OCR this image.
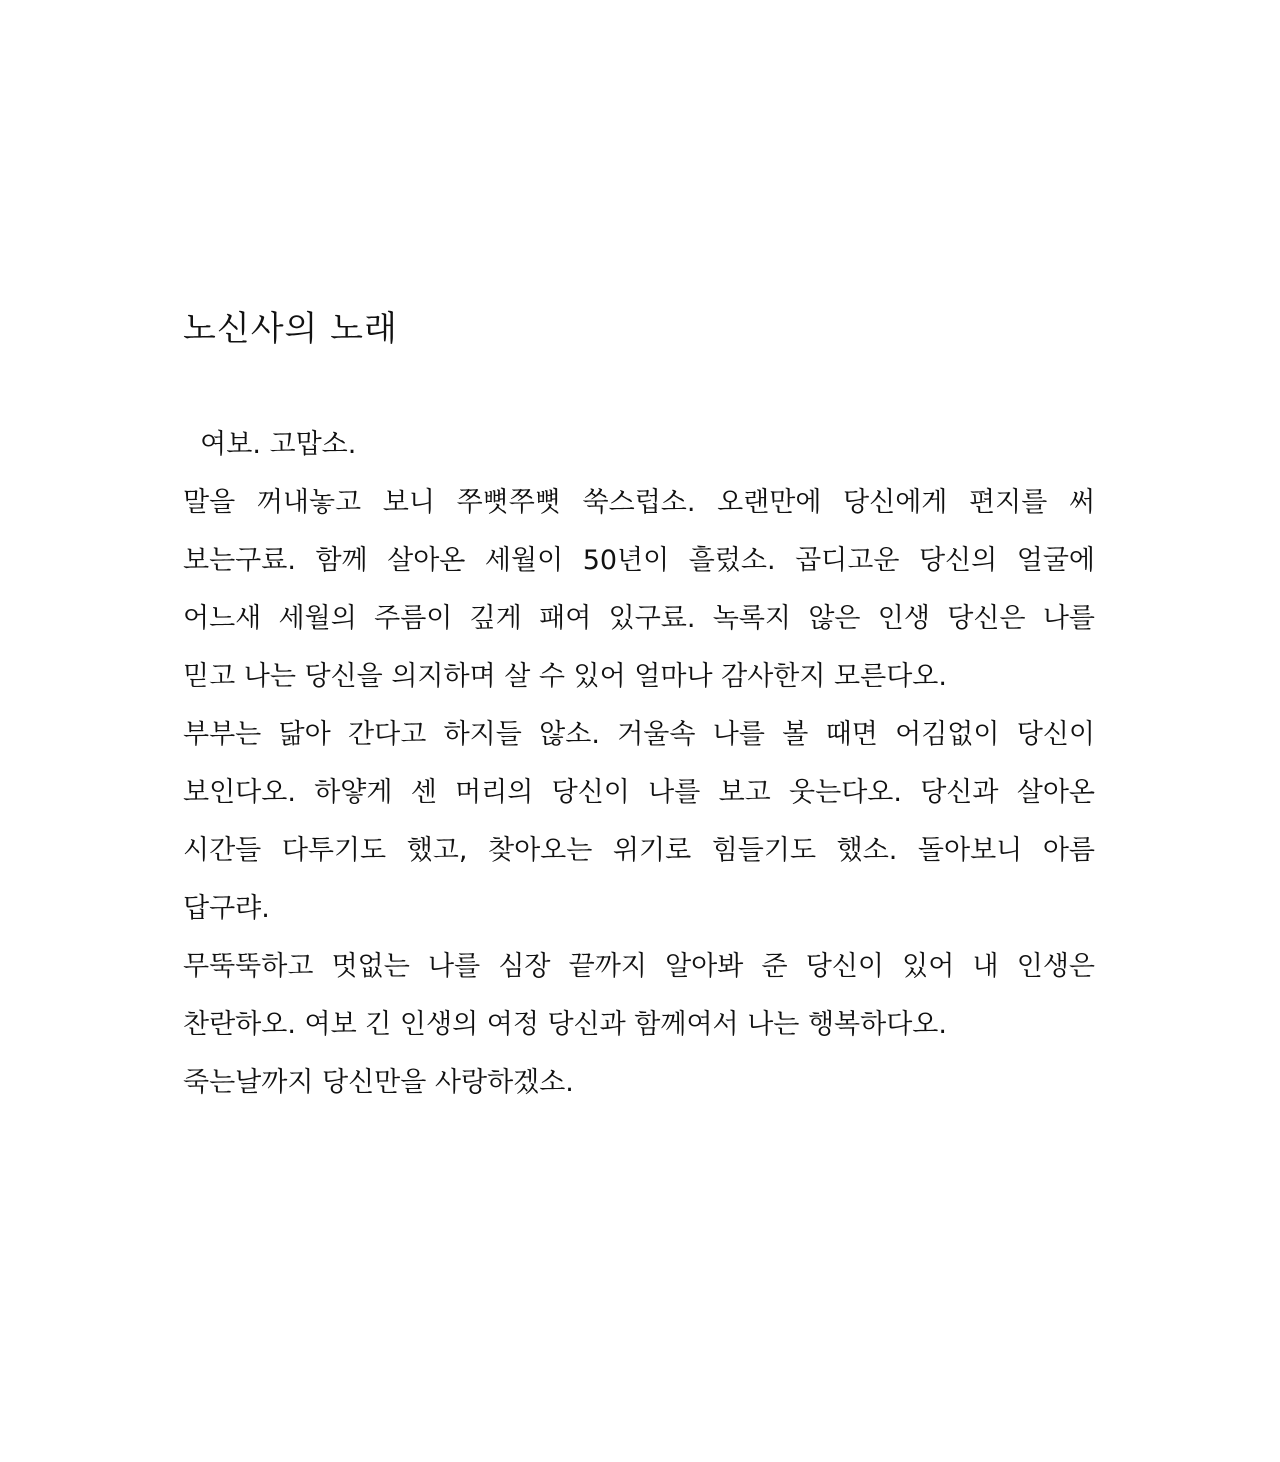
노신사의 노래
여보. 고맙소.
말을 꺼내놓고 보니 쭈뼛쭈뼛 쑥스럽소. 오랜만에 당신에게 편지를 써
보는구료. 함께 살아온 세월이 50년이 흘렀소. 곱디고운 당신의 얼굴에
어느새 세월의 주름이 깊게 패여 있구료. 녹록지 않은 인생 당신은 나를
믿고 나는 당신을 의지하며 살 수 있어 얼마나 감사한지 모른다오.
부부는 닮아 간다고 하지들 않소. 거울속 나를 볼 때면 어김없이 당신이
보인다오. 하얗게 센 머리의 당신이 나를 보고 웃는다오. 당신과 살아온
시간들 다투기도 했고, 찾아오는 위기로 힘들기도 했소. 돌아보니 아름
답구랴.
무뚝뚝하고 멋없는 나를 심장 끝까지 알아봐 준 당신이 있어 내 인생은
찬란하오. 여보 긴 인생의 여정 당신과 함께여서 나는 행복하다오.
죽는날까지 당신만을 사랑하겠소.
